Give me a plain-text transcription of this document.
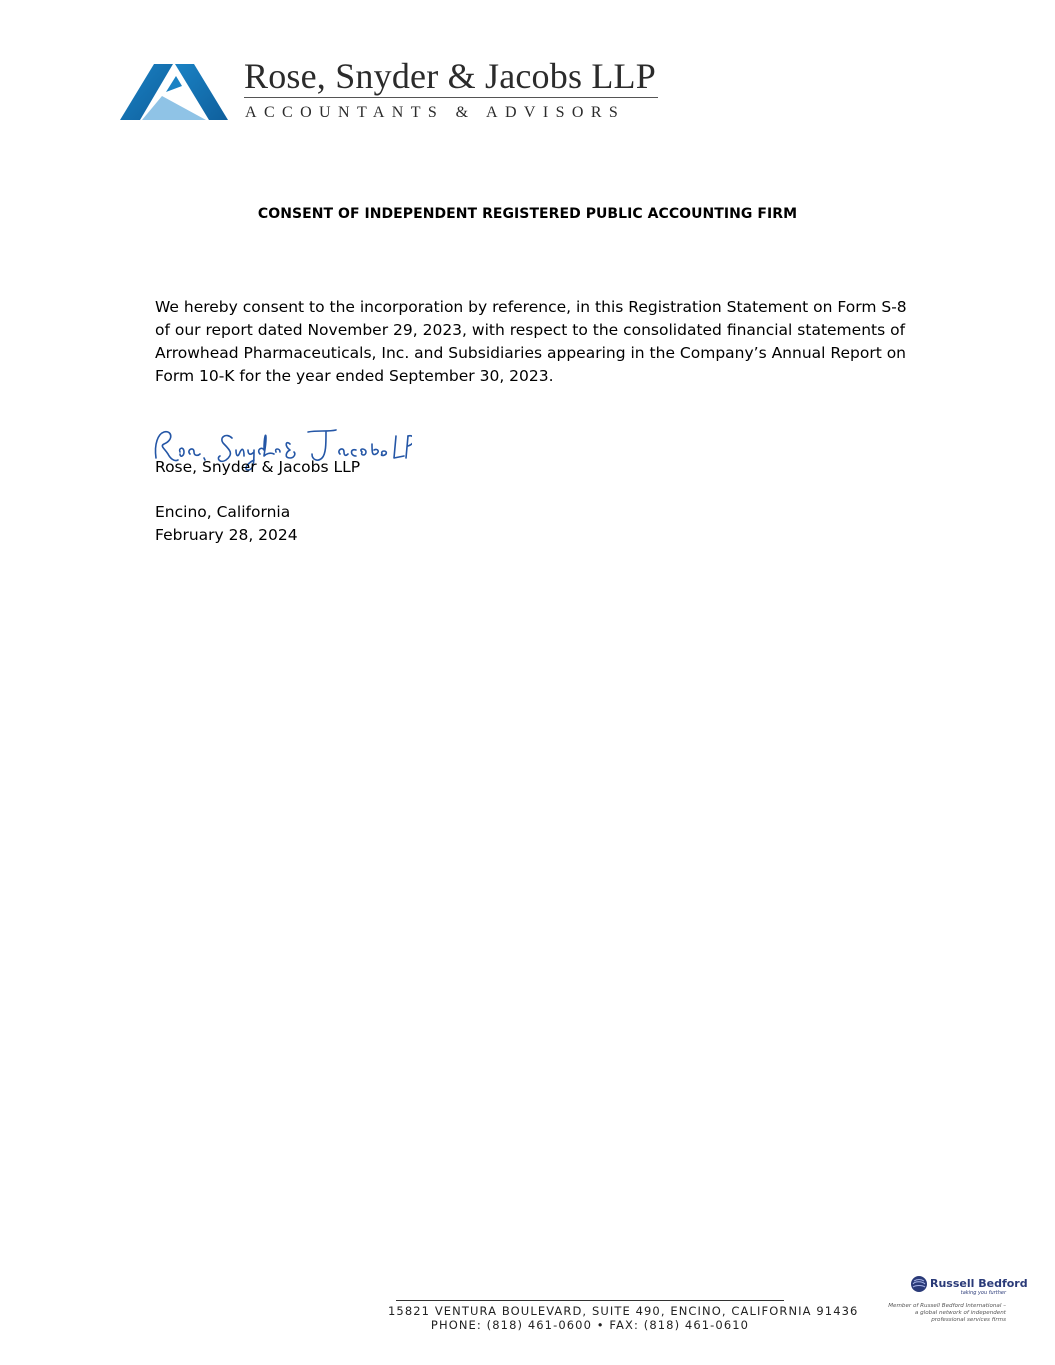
Rose, Snyder & Jacobs LLP
ACCOUNTANTS & ADVISORS
CONSENT OF INDEPENDENT REGISTERED PUBLIC ACCOUNTING FIRM
We hereby consent to the incorporation by reference, in this Registration Statement on Form S-8
of our report dated November 29, 2023, with respect to the consolidated financial statements of
Arrowhead Pharmaceuticals, Inc. and Subsidiaries appearing in the Company’s Annual Report on
Form 10-K for the year ended September 30, 2023.
Rose, Snyder & Jacobs LLP
Encino, California
February 28, 2024
15821 VENTURA BOULEVARD, SUITE 490, ENCINO, CALIFORNIA 91436
PHONE: (818) 461-0600 • FAX: (818) 461-0610
Russell Bedford
taking you further
Member of Russell Bedford International –
a global network of independent
professional services firms
